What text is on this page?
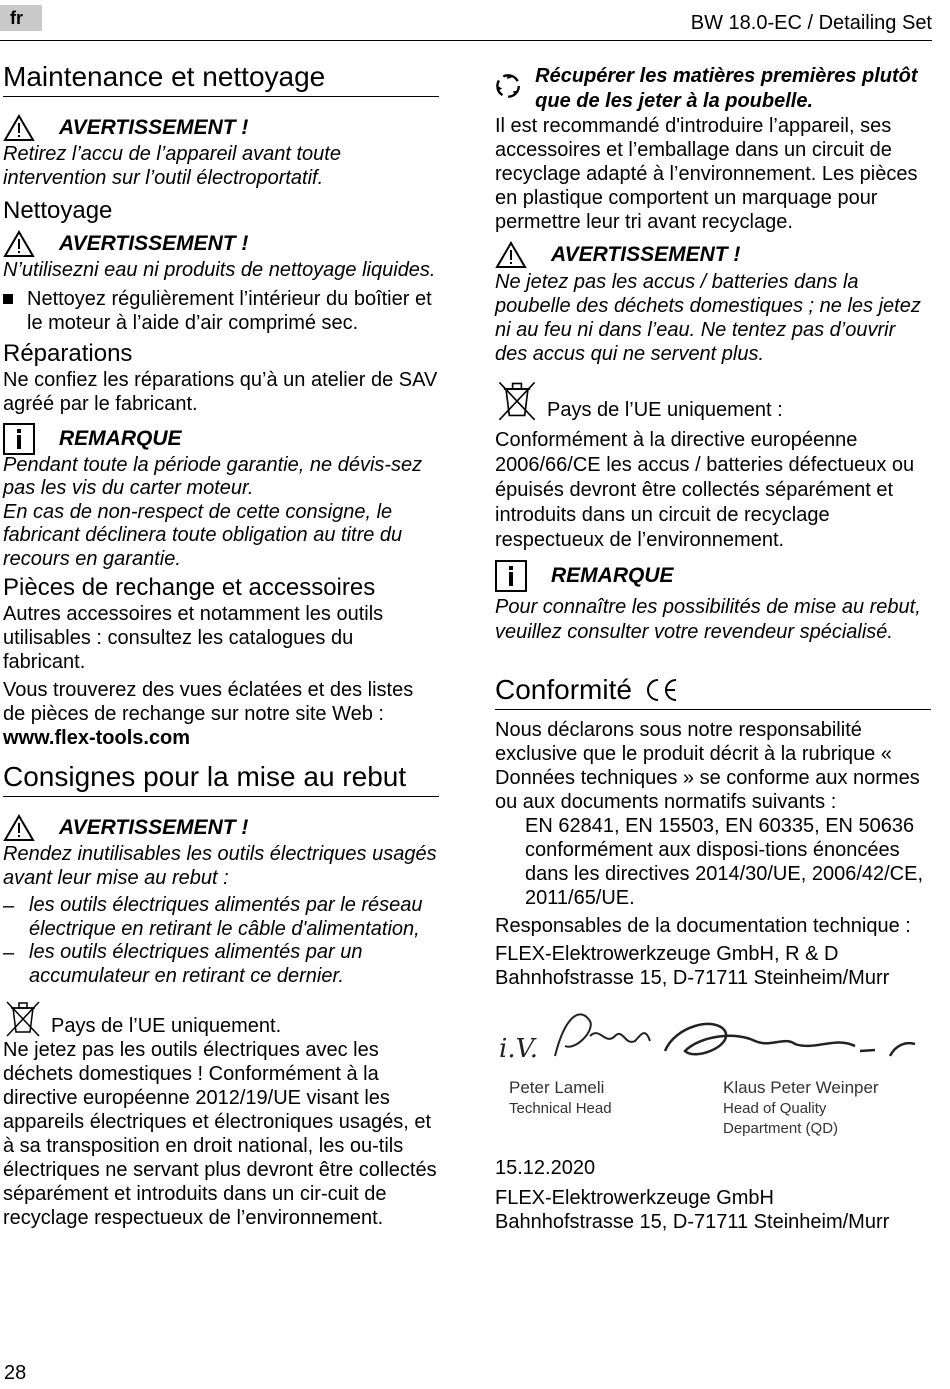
fr	BW 18.0-EC / Detailing Set
Maintenance et nettoyage
AVERTISSEMENT !

Retirez l’accu de l’appareil avant toute intervention sur l’outil électroportatif.

Nettoyage
AVERTISSEMENT !

N’utilisezni eau ni produits de nettoyage liquides.

Nettoyez régulièrement l’intérieur du boîtier et le moteur à l’aide d’air comprimé sec.

Réparations

Ne confiez les réparations qu’à un atelier de SAV agréé par le fabricant.

REMARQUE

Pendant toute la période garantie, ne dévis-sez pas les vis du carter moteur.

En cas de non-respect de cette consigne, le fabricant déclinera toute obligation au titre du recours en garantie.

Pièces de rechange et accessoires

Autres accessoires et notamment les outils utilisables : consultez les catalogues du fabricant.

Vous trouverez des vues éclatées et des listes de pièces de rechange sur notre site Web : www.flex-tools.com

Consignes pour la mise au rebut
AVERTISSEMENT !

Rendez inutilisables les outils électriques usagés avant leur mise au rebut :

– les outils électriques alimentés par le réseau électrique en retirant le câble d'alimentation,

– les outils électriques alimentés par un accumulateur en retirant ce dernier.

Pays de l’UE uniquement.

Ne jetez pas les outils électriques avec les déchets domestiques ! Conformément à la directive européenne 2012/19/UE visant les appareils électriques et électroniques usagés, et à sa transposition en droit national, les ou-tils électriques ne servant plus devront être collectés séparément et introduits dans un cir-cuit de recyclage respectueux de l’environnement.

Récupérer les matières premières plutôt que de les jeter à la poubelle.

Il est recommandé d'introduire l’appareil, ses accessoires et l’emballage dans un circuit de recyclage adapté à l’environnement. Les pièces en plastique comportent un marquage pour permettre leur tri avant recyclage.

AVERTISSEMENT !

Ne jetez pas les accus / batteries dans la poubelle des déchets domestiques ; ne les jetez ni au feu ni dans l’eau. Ne tentez pas d’ouvrir des accus qui ne servent plus.

Pays de l’UE uniquement :

Conformément à la directive européenne 2006/66/CE les accus / batteries défectueux ou épuisés devront être collectés séparément et introduits dans un circuit de recyclage respectueux de l’environnement.

REMARQUE

Pour connaître les possibilités de mise au rebut, veuillez consulter votre revendeur spécialisé.

Conformité

Nous déclarons sous notre responsabilité exclusive que le produit décrit à la rubrique « Données techniques » se conforme aux normes ou aux documents normatifs suivants :

EN 62841, EN 15503, EN 60335, EN 50636 conformément aux disposi-tions énoncées dans les directives 2014/30/UE, 2006/42/CE, 2011/65/UE.

Responsables de la documentation technique :

FLEX-Elektrowerkzeuge GmbH, R & D

Bahnhofstrasse 15, D-71711 Steinheim/Murr

i.V.
Peter Lameli
Technical Head
Klaus Peter Weinper
Head of Quality Department (QD)

15.12.2020

FLEX-Elektrowerkzeuge GmbH

Bahnhofstrasse 15, D-71711 Steinheim/Murr

28
